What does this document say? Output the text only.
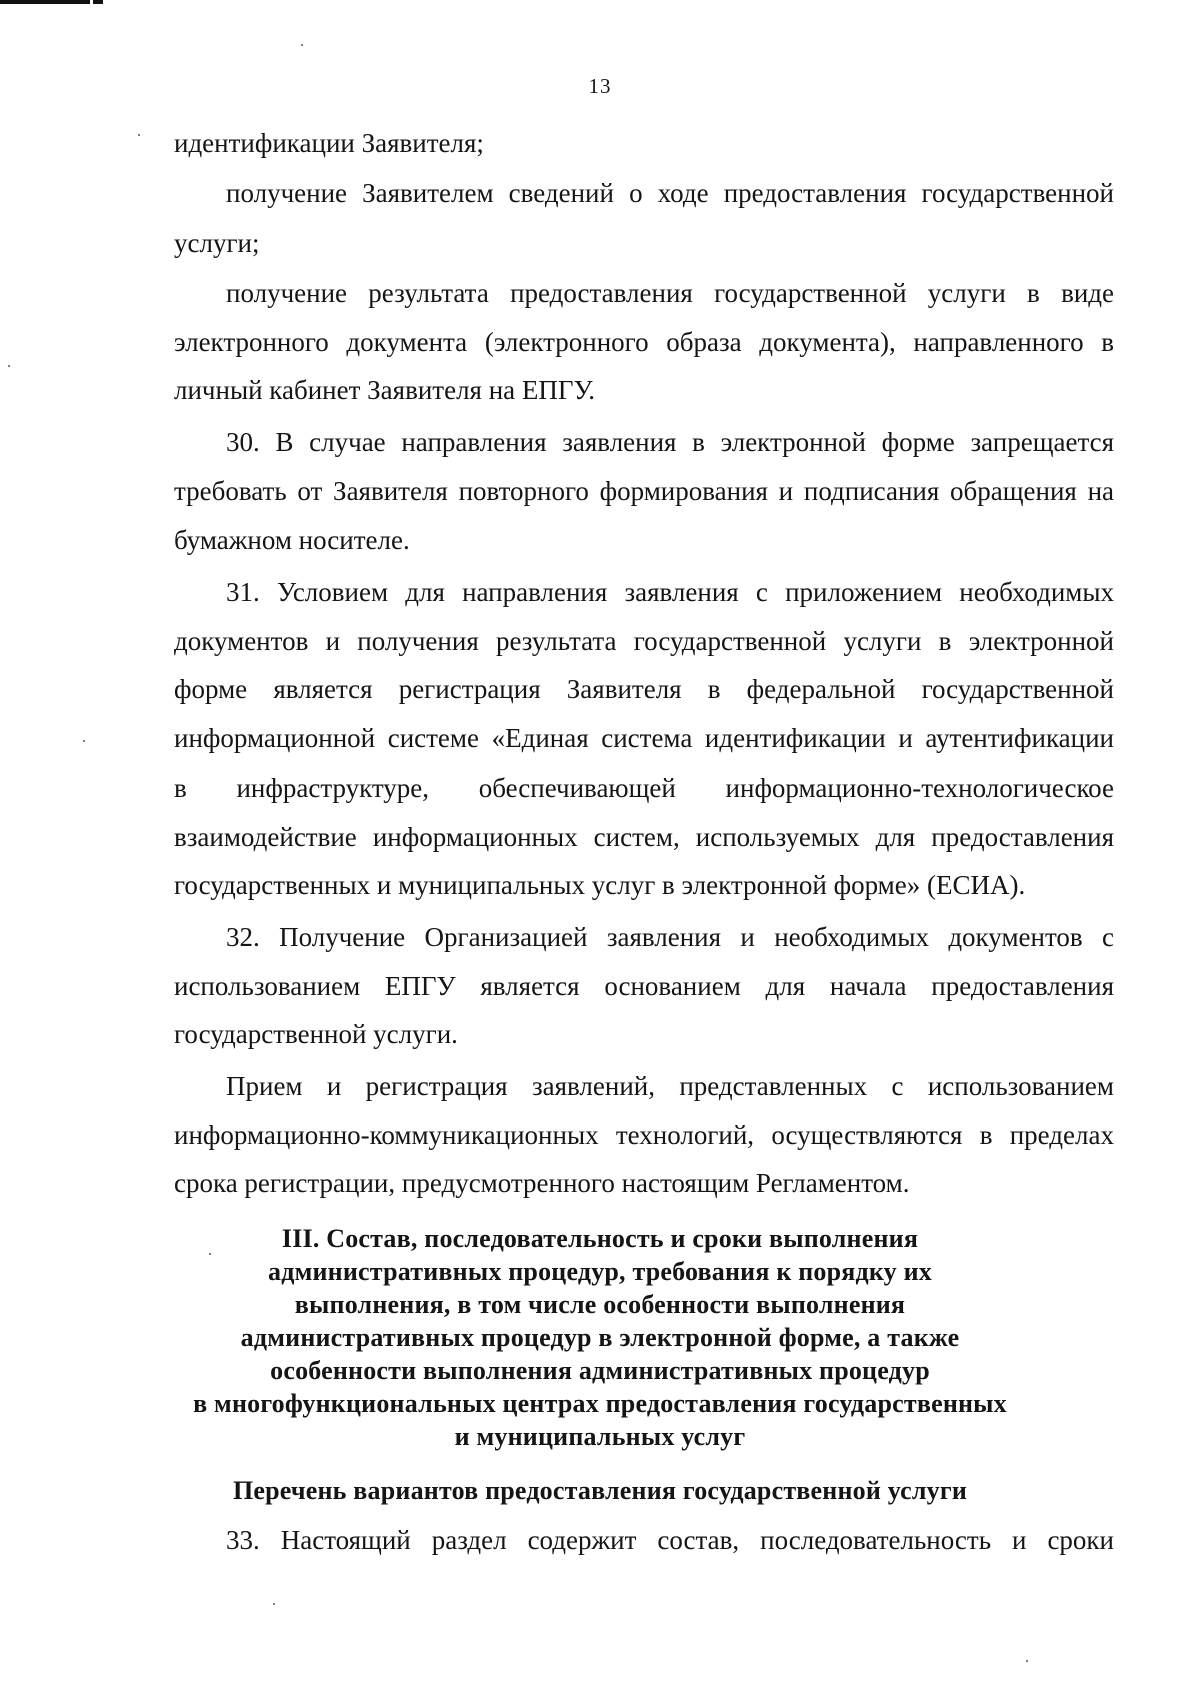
13
идентификации Заявителя;
получение Заявителем сведений о ходе предоставления государственной
услуги;
получение результата предоставления государственной услуги в виде
электронного документа (электронного образа документа), направленного в
личный кабинет Заявителя на ЕПГУ.
30. В случае направления заявления в электронной форме запрещается
требовать от Заявителя повторного формирования и подписания обращения на
бумажном носителе.
31. Условием для направления заявления с приложением необходимых
документов и получения результата государственной услуги в электронной
форме является регистрация Заявителя в федеральной государственной
информационной системе «Единая система идентификации и аутентификации
в инфраструктуре, обеспечивающей информационно-технологическое
взаимодействие информационных систем, используемых для предоставления
государственных и муниципальных услуг в электронной форме» (ЕСИА).
32. Получение Организацией заявления и необходимых документов с
использованием ЕПГУ является основанием для начала предоставления
государственной услуги.
Прием и регистрация заявлений, представленных с использованием
информационно-коммуникационных технологий, осуществляются в пределах
срока регистрации, предусмотренного настоящим Регламентом.
III. Состав, последовательность и сроки выполнения
административных процедур, требования к порядку их
выполнения, в том числе особенности выполнения
административных процедур в электронной форме, а также
особенности выполнения административных процедур
в многофункциональных центрах предоставления государственных
и муниципальных услуг
Перечень вариантов предоставления государственной услуги
33. Настоящий раздел содержит состав, последовательность и сроки
